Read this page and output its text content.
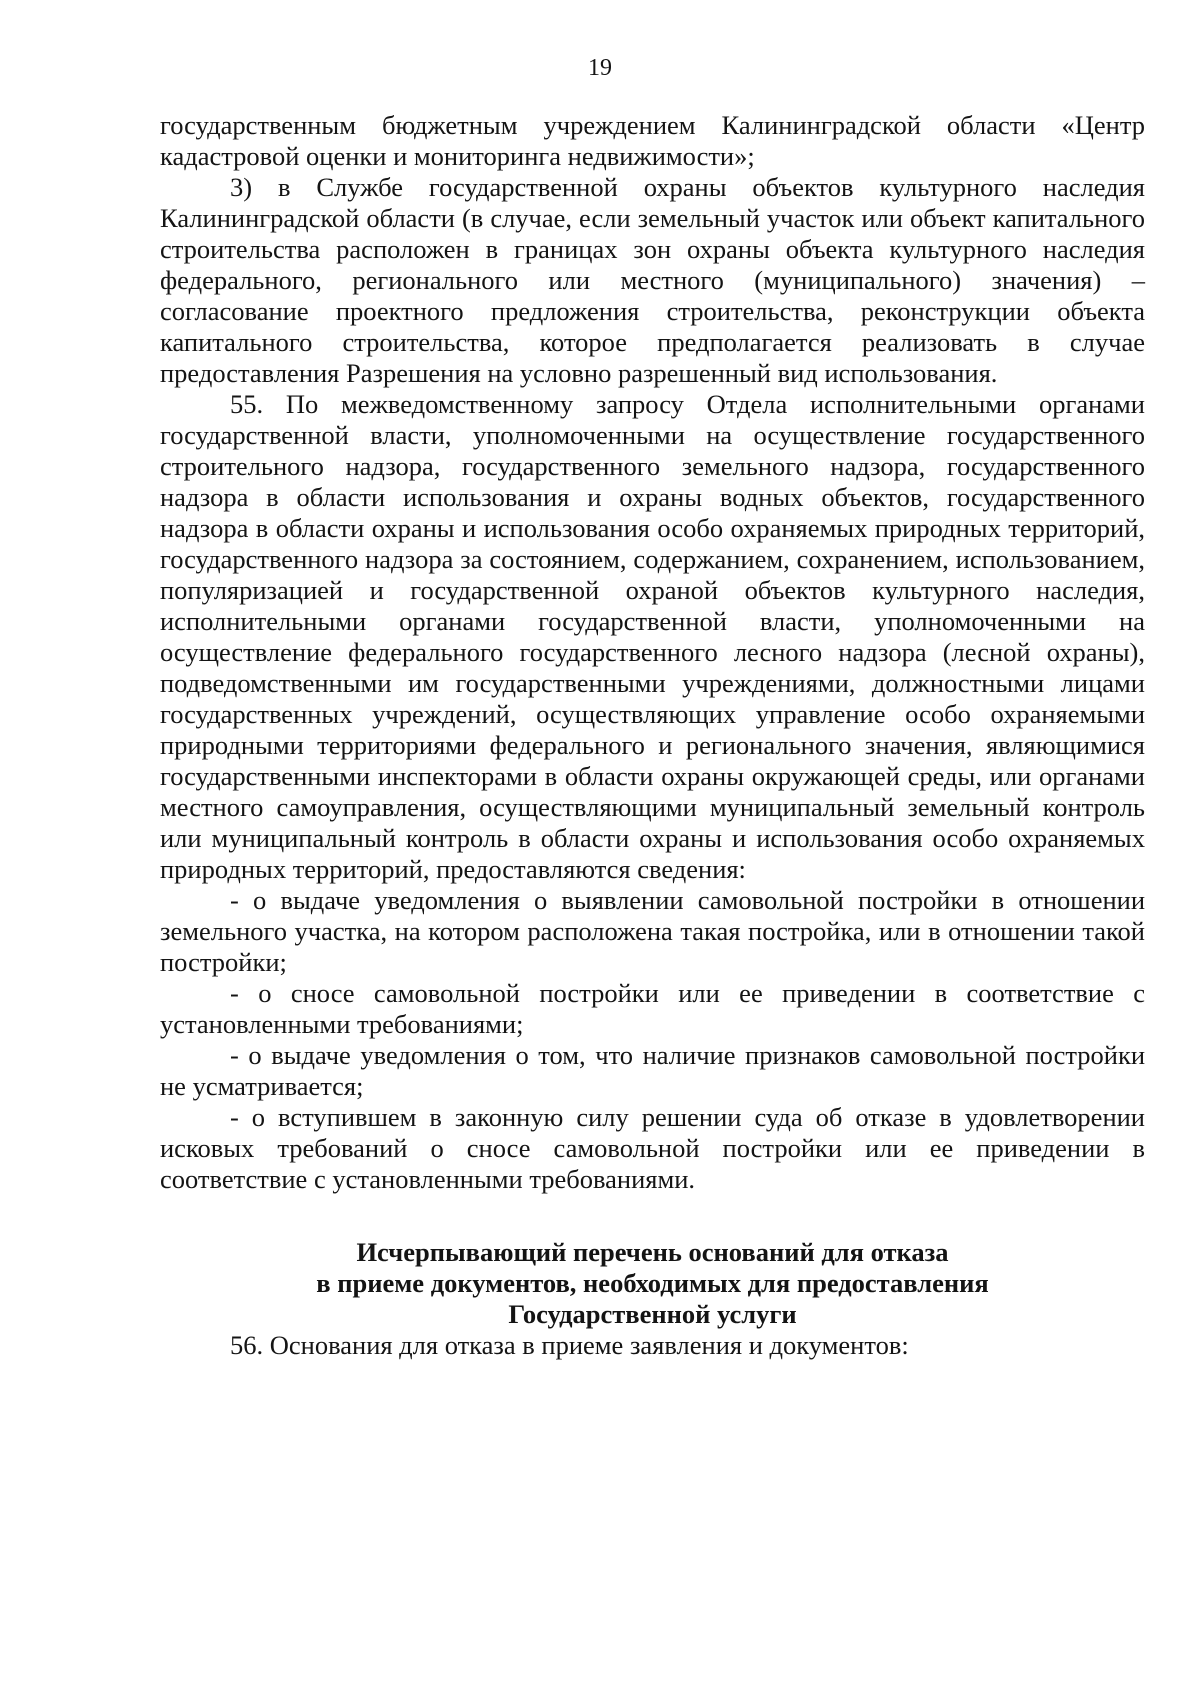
19

государственным бюджетным учреждением Калининградской области «Центр кадастровой оценки и мониторинга недвижимости»;

3) в Службе государственной охраны объектов культурного наследия Калининградской области (в случае, если земельный участок или объект капитального строительства расположен в границах зон охраны объекта культурного наследия федерального, регионального или местного (муниципального) значения) – согласование проектного предложения строительства, реконструкции объекта капитального строительства, которое предполагается реализовать в случае предоставления Разрешения на условно разрешенный вид использования.

55. По межведомственному запросу Отдела исполнительными органами государственной власти, уполномоченными на осуществление государственного строительного надзора, государственного земельного надзора, государственного надзора в области использования и охраны водных объектов, государственного надзора в области охраны и использования особо охраняемых природных территорий, государственного надзора за состоянием, содержанием, сохранением, использованием, популяризацией и государственной охраной объектов культурного наследия, исполнительными органами государственной власти, уполномоченными на осуществление федерального государственного лесного надзора (лесной охраны), подведомственными им государственными учреждениями, должностными лицами государственных учреждений, осуществляющих управление особо охраняемыми природными территориями федерального и регионального значения, являющимися государственными инспекторами в области охраны окружающей среды, или органами местного самоуправления, осуществляющими муниципальный земельный контроль или муниципальный контроль в области охраны и использования особо охраняемых природных территорий, предоставляются сведения:

- о выдаче уведомления о выявлении самовольной постройки в отношении земельного участка, на котором расположена такая постройка, или в отношении такой постройки;

- о сносе самовольной постройки или ее приведении в соответствие с установленными требованиями;

- о выдаче уведомления о том, что наличие признаков самовольной постройки не усматривается;

- о вступившем в законную силу решении суда об отказе в удовлетворении исковых требований о сносе самовольной постройки или ее приведении в соответствие с установленными требованиями.

Исчерпывающий перечень оснований для отказа
в приеме документов, необходимых для предоставления
Государственной услуги

56. Основания для отказа в приеме заявления и документов:
